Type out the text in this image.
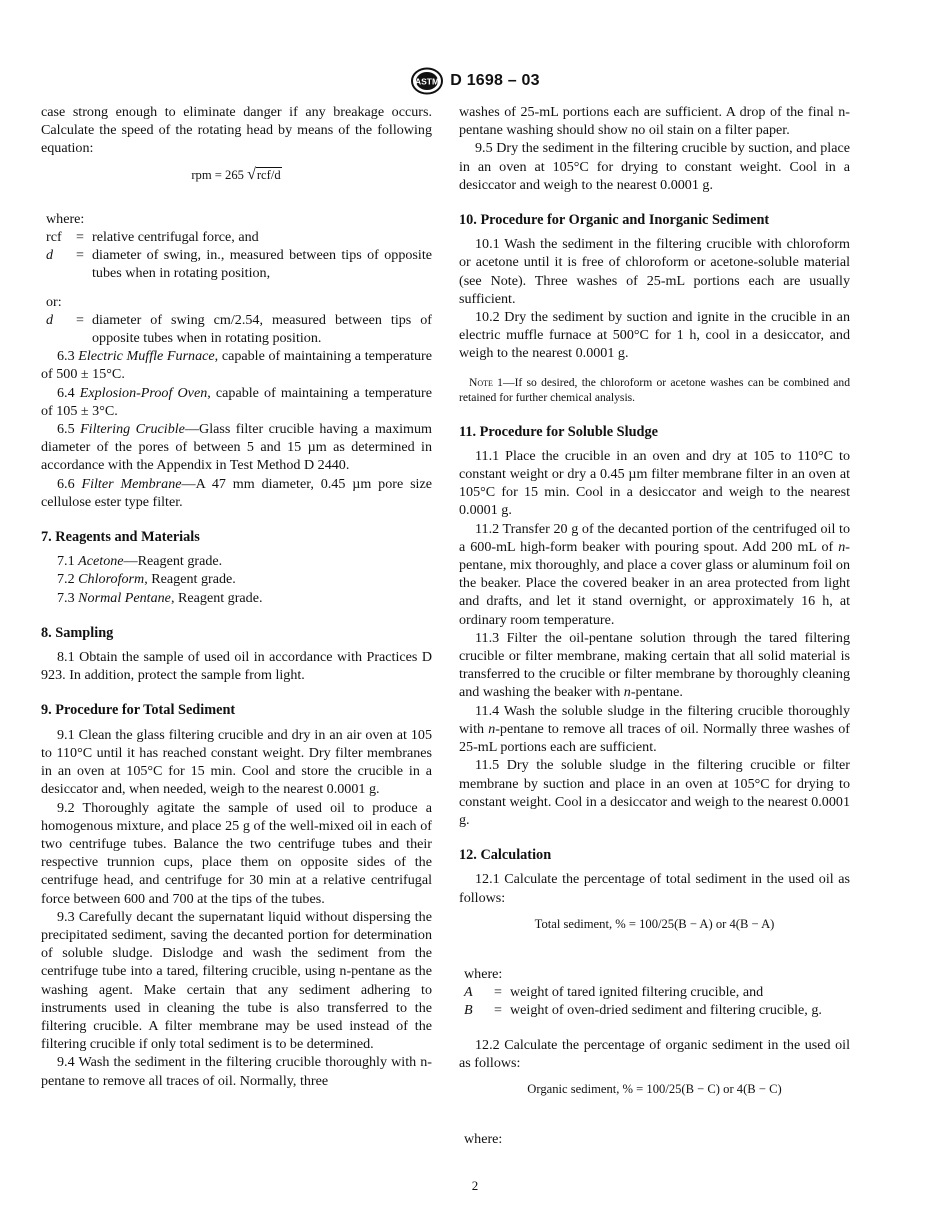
ASTM D 1698 – 03

case strong enough to eliminate danger if any breakage occurs. Calculate the speed of the rotating head by means of the following equation:

rpm = 265 √rcf/d

where:

rcf	= relative centrifugal force, and
d	= diameter of swing, in., measured between tips of opposite tubes when in rotating position,

or:

d	= diameter of swing cm/2.54, measured between tips of opposite tubes when in rotating position.

6.3 Electric Muffle Furnace, capable of maintaining a temperature of 500 ± 15°C.

6.4 Explosion-Proof Oven, capable of maintaining a temperature of 105 ± 3°C.

6.5 Filtering Crucible—Glass filter crucible having a maximum diameter of the pores of between 5 and 15 µm as determined in accordance with the Appendix in Test Method D 2440.

6.6 Filter Membrane—A 47 mm diameter, 0.45 µm pore size cellulose ester type filter.

7. Reagents and Materials

7.1 Acetone—Reagent grade.

7.2 Chloroform, Reagent grade.

7.3 Normal Pentane, Reagent grade.

8. Sampling

8.1 Obtain the sample of used oil in accordance with Practices D 923. In addition, protect the sample from light.

9. Procedure for Total Sediment

9.1 Clean the glass filtering crucible and dry in an air oven at 105 to 110°C until it has reached constant weight. Dry filter membranes in an oven at 105°C for 15 min. Cool and store the crucible in a desiccator and, when needed, weigh to the nearest 0.0001 g.

9.2 Thoroughly agitate the sample of used oil to produce a homogenous mixture, and place 25 g of the well-mixed oil in each of two centrifuge tubes. Balance the two centrifuge tubes and their respective trunnion cups, place them on opposite sides of the centrifuge head, and centrifuge for 30 min at a relative centrifugal force between 600 and 700 at the tips of the tubes.

9.3 Carefully decant the supernatant liquid without dispersing the precipitated sediment, saving the decanted portion for determination of soluble sludge. Dislodge and wash the sediment from the centrifuge tube into a tared, filtering crucible, using n-pentane as the washing agent. Make certain that any sediment adhering to instruments used in cleaning the tube is also transferred to the filtering crucible. A filter membrane may be used instead of the filtering crucible if only total sediment is to be determined.

9.4 Wash the sediment in the filtering crucible thoroughly with n-pentane to remove all traces of oil. Normally, three

washes of 25-mL portions each are sufficient. A drop of the final n-pentane washing should show no oil stain on a filter paper.

9.5 Dry the sediment in the filtering crucible by suction, and place in an oven at 105°C for drying to constant weight. Cool in a desiccator and weigh to the nearest 0.0001 g.

10. Procedure for Organic and Inorganic Sediment

10.1 Wash the sediment in the filtering crucible with chloroform or acetone until it is free of chloroform or acetone-soluble material (see Note). Three washes of 25-mL portions each are usually sufficient.

10.2 Dry the sediment by suction and ignite in the crucible in an electric muffle furnace at 500°C for 1 h, cool in a desiccator, and weigh to the nearest 0.0001 g.

Note 1—If so desired, the chloroform or acetone washes can be combined and retained for further chemical analysis.

11. Procedure for Soluble Sludge

11.1 Place the crucible in an oven and dry at 105 to 110°C to constant weight or dry a 0.45 µm filter membrane filter in an oven at 105°C for 15 min. Cool in a desiccator and weigh to the nearest 0.0001 g.

11.2 Transfer 20 g of the decanted portion of the centrifuged oil to a 600-mL high-form beaker with pouring spout. Add 200 mL of n-pentane, mix thoroughly, and place a cover glass or aluminum foil on the beaker. Place the covered beaker in an area protected from light and drafts, and let it stand overnight, or approximately 16 h, at ordinary room temperature.

11.3 Filter the oil-pentane solution through the tared filtering crucible or filter membrane, making certain that all solid material is transferred to the crucible or filter membrane by thoroughly cleaning and washing the beaker with n-pentane.

11.4 Wash the soluble sludge in the filtering crucible thoroughly with n-pentane to remove all traces of oil. Normally three washes of 25-mL portions each are sufficient.

11.5 Dry the soluble sludge in the filtering crucible or filter membrane by suction and place in an oven at 105°C for drying to constant weight. Cool in a desiccator and weigh to the nearest 0.0001 g.

12. Calculation

12.1 Calculate the percentage of total sediment in the used oil as follows:

Total sediment, % = 100/25(B − A) or 4(B − A)

where:

A	= weight of tared ignited filtering crucible, and
B	= weight of oven-dried sediment and filtering crucible, g.

12.2 Calculate the percentage of organic sediment in the used oil as follows:

Organic sediment, % = 100/25(B − C) or 4(B − C)

where:

2
